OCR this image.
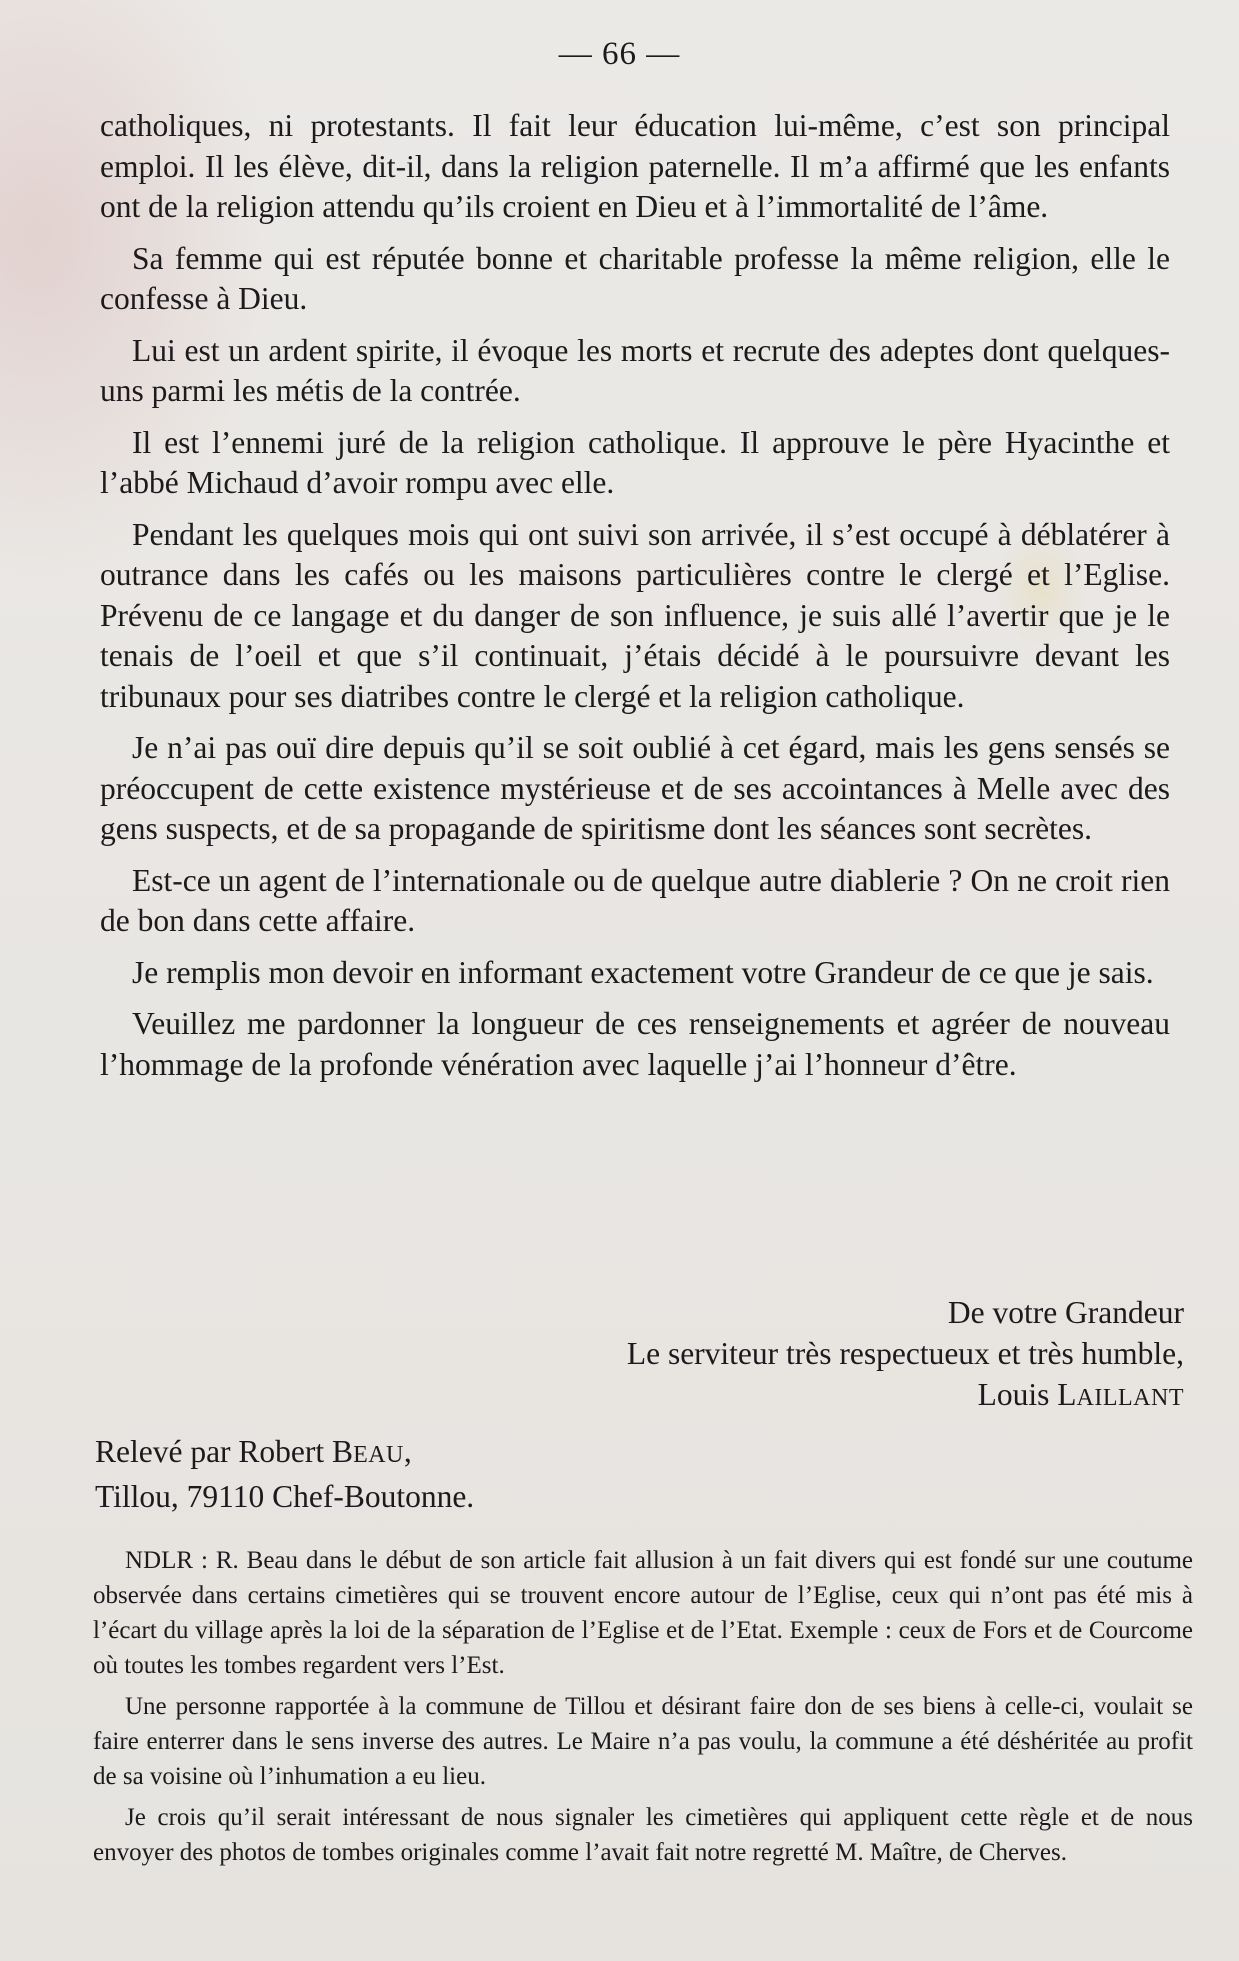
— 66 —

catholiques, ni protestants. Il fait leur éducation lui-même, c’est son principal emploi. Il les élève, dit-il, dans la religion paternelle. Il m’a affirmé que les enfants ont de la religion attendu qu’ils croient en Dieu et à l’immortalité de l’âme.

Sa femme qui est réputée bonne et charitable professe la même religion, elle le confesse à Dieu.

Lui est un ardent spirite, il évoque les morts et recrute des adeptes dont quelques-uns parmi les métis de la contrée.

Il est l’ennemi juré de la religion catholique. Il approuve le père Hyacinthe et l’abbé Michaud d’avoir rompu avec elle.

Pendant les quelques mois qui ont suivi son arrivée, il s’est occupé à déblatérer à outrance dans les cafés ou les maisons particulières contre le clergé et l’Eglise. Prévenu de ce langage et du danger de son influence, je suis allé l’avertir que je le tenais de l’oeil et que s’il continuait, j’étais décidé à le poursuivre devant les tribunaux pour ses diatribes contre le clergé et la religion catholique.

Je n’ai pas ouï dire depuis qu’il se soit oublié à cet égard, mais les gens sensés se préoccupent de cette existence mystérieuse et de ses accointances à Melle avec des gens suspects, et de sa propagande de spiritisme dont les séances sont secrètes.

Est-ce un agent de l’internationale ou de quelque autre diablerie ? On ne croit rien de bon dans cette affaire.

Je remplis mon devoir en informant exactement votre Grandeur de ce que je sais.

Veuillez me pardonner la longueur de ces renseignements et agréer de nouveau l’hommage de la profonde vénération avec laquelle j’ai l’honneur d’être.

De votre Grandeur
Le serviteur très respectueux et très humble,
Louis LAILLANT
Relevé par Robert BEAU,
Tillou, 79110 Chef-Boutonne.

NDLR : R. Beau dans le début de son article fait allusion à un fait divers qui est fondé sur une coutume observée dans certains cimetières qui se trouvent encore autour de l’Eglise, ceux qui n’ont pas été mis à l’écart du village après la loi de la séparation de l’Eglise et de l’Etat. Exemple : ceux de Fors et de Courcome où toutes les tombes regardent vers l’Est.

Une personne rapportée à la commune de Tillou et désirant faire don de ses biens à celle-ci, voulait se faire enterrer dans le sens inverse des autres. Le Maire n’a pas voulu, la commune a été déshéritée au profit de sa voisine où l’inhumation a eu lieu.

Je crois qu’il serait intéressant de nous signaler les cimetières qui appliquent cette règle et de nous envoyer des photos de tombes originales comme l’avait fait notre regretté M. Maître, de Cherves.
